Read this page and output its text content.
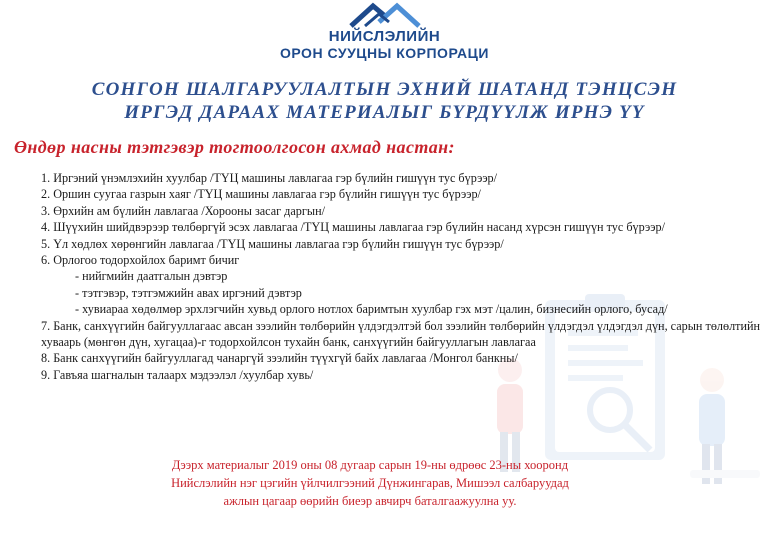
НИЙСЛЭЛИЙН
ОРОН СУУЦНЫ КОРПОРАЦИ
СОНГОН ШАЛГАРУУЛАЛТЫН ЭХНИЙ ШАТАНД ТЭНЦСЭН
ИРГЭД ДАРААХ МАТЕРИАЛЫГ БҮРДҮҮЛЖ ИРНЭ ҮҮ
Өндөр насны тэтгэвэр тогтоолгосон ахмад настан:
1. Иргэний үнэмлэхийн хуулбар /ТҮЦ машины лавлагаа гэр бүлийн гишүүн тус бүрээр/
2. Оршин суугаа газрын хаяг /ТҮЦ машины лавлагаа гэр бүлийн гишүүн тус бүрээр/
3. Өрхийн ам бүлийн лавлагаа /Хорооны засаг даргын/
4. Шүүхийн шийдвэрээр төлбөргүй эсэх лавлагаа /ТҮЦ машины лавлагаа гэр бүлийн насанд хүрсэн гишүүн тус бүрээр/
5. Үл хөдлөх хөрөнгийн лавлагаа /ТҮЦ машины лавлагаа гэр бүлийн гишүүн тус бүрээр/
6. Орлогоо тодорхойлох баримт бичиг
- нийгмийн даатгалын дэвтэр
- тэтгэвэр, тэтгэмжийн авах иргэний дэвтэр
- хувиараа хөдөлмөр эрхлэгчийн хувьд орлого нотлох баримтын хуулбар гэх мэт /цалин, бизнесийн орлого, бусад/
7. Банк, санхүүгийн байгууллагаас авсан зээлийн төлбөрийн үлдэгдэлтэй бол зээлийн төлбөрийн үлдэгдэл үлдэгдэл дүн, сарын төлөлтийн хуваарь (мөнгөн дүн, хугацаа)-г тодорхойлсон тухайн банк, санхүүгийн байгууллагын лавлагаа
8. Банк санхүүгийн байгууллагад чанаргүй зээлийн түүхгүй байх лавлагаа /Монгол банкны/
9. Гавъяа шагналын талаарх мэдээлэл /хуулбар хувь/
Дээрх материалыг 2019 оны 08 дугаар сарын 19-ны өдрөөс 23-ны хооронд
Нийслэлийн нэг цэгийн үйлчилгээний Дүнжингарав, Мишээл салбаруудад
ажлын цагаар өөрийн биеэр авчирч баталгаажуулна уу.
